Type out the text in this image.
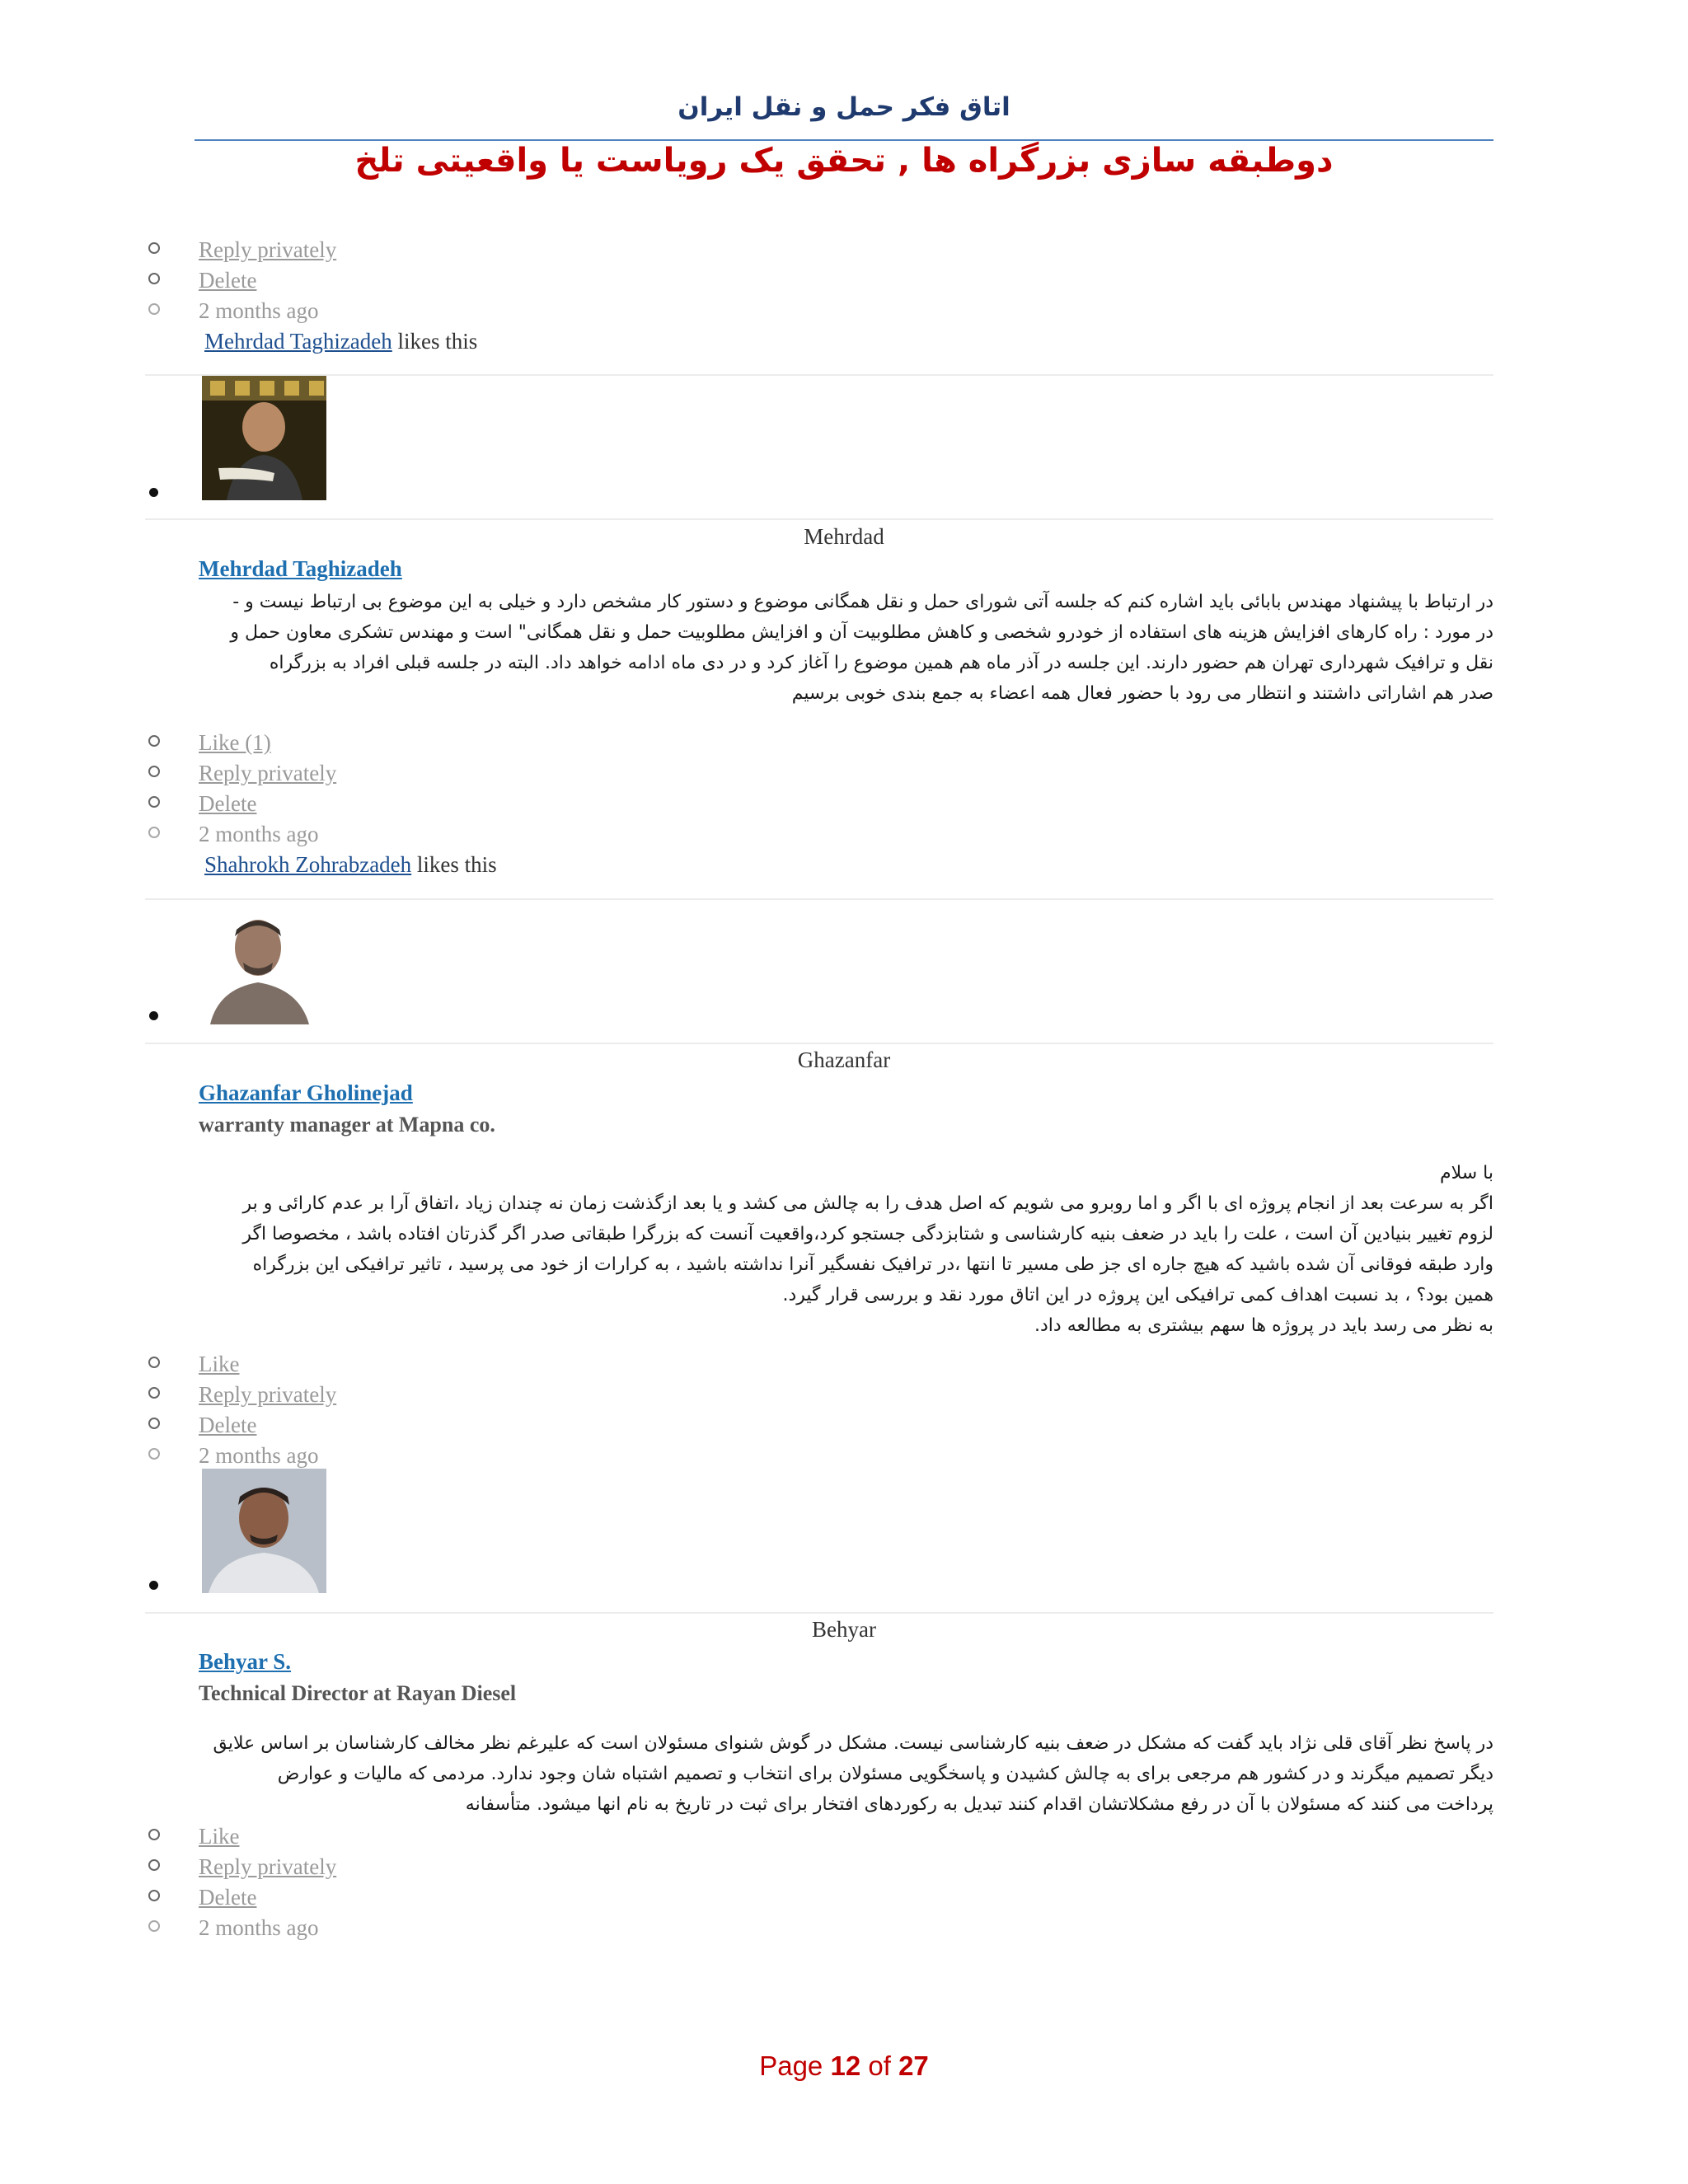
اتاق فکر حمل و نقل ایران
دوطبقه سازی بزرگراه ها , تحقق یک رویاست یا واقعیتی تلخ
Reply privately
Delete
2 months ago
Mehrdad Taghizadeh likes this
Mehrdad
Mehrdad Taghizadeh

در ارتباط با پیشنهاد مهندس بابائی باید اشاره کنم که جلسه آتی شورای حمل و نقل همگانی موضوع و دستور کار مشخص دارد و خیلی به این موضوع بی ارتباط نیست و -

در مورد : راه کارهای افزایش هزینه های استفاده از خودرو شخصی و کاهش مطلوبیت آن و افزایش مطلوبیت حمل و نقل همگانی" است و مهندس تشکری معاون حمل و

نقل و ترافیک شهرداری تهران هم حضور دارند. این جلسه در آذر ماه هم همین موضوع را آغاز کرد و در دی ماه ادامه خواهد داد. البته در جلسه قبلی افراد به بزرگراه

صدر هم اشاراتی داشتند و انتظار می رود با حضور فعال همه اعضاء به جمع بندی خوبی برسیم

Like (1)
Reply privately
Delete
2 months ago
Shahrokh Zohrabzadeh likes this
Ghazanfar
Ghazanfar Gholinejad
warranty manager at Mapna co.

با سلام

اگر به سرعت بعد از انجام پروژه ای با اگر و اما روبرو می شویم که اصل هدف را به چالش می کشد و یا بعد ازگذشت زمان نه چندان زیاد ،اتفاق آرا بر عدم کارائی و بر

لزوم تغییر بنیادین آن است ، علت را باید در ضعف بنیه کارشناسی و شتابزدگی جستجو کرد،واقعیت آنست که بزرگرا طبقاتی صدر اگر گذرتان افتاده باشد ، مخصوصا اگر

وارد طبقه فوقانی آن شده باشید که هیچ جاره ای جز طی مسیر تا انتها ،در ترافیک نفسگیر آنرا نداشته باشید ، به کرارات از خود می پرسید ، تاثیر ترافیکی این بزرگراه

همین بود؟ ، بد نسبت اهداف کمی ترافیکی این پروژه در این اتاق مورد نقد و بررسی قرار گیرد.

به نظر می رسد باید در پروژه ها سهم بیشتری به مطالعه داد.

Like
Reply privately
Delete
2 months ago
Behyar
Behyar S.
Technical Director at Rayan Diesel

در پاسخ نظر آقای قلی نژاد باید گفت که مشکل در ضعف بنیه کارشناسی نیست. مشکل در گوش شنوای مسئولان است که علیرغم نظر مخالف کارشناسان بر اساس علایق

دیگر تصمیم میگرند و در کشور هم مرجعی برای به چالش کشیدن و پاسخگویی مسئولان برای انتخاب و تصمیم اشتباه شان وجود ندارد. مردمی که مالیات و عوارض

پرداخت می کنند که مسئولان با آن در رفع مشکلاتشان اقدام کنند تبدیل به رکوردهای افتخار برای ثبت در تاریخ به نام انها میشود. متأسفانه

Like
Reply privately
Delete
2 months ago
Page 12 of 27
